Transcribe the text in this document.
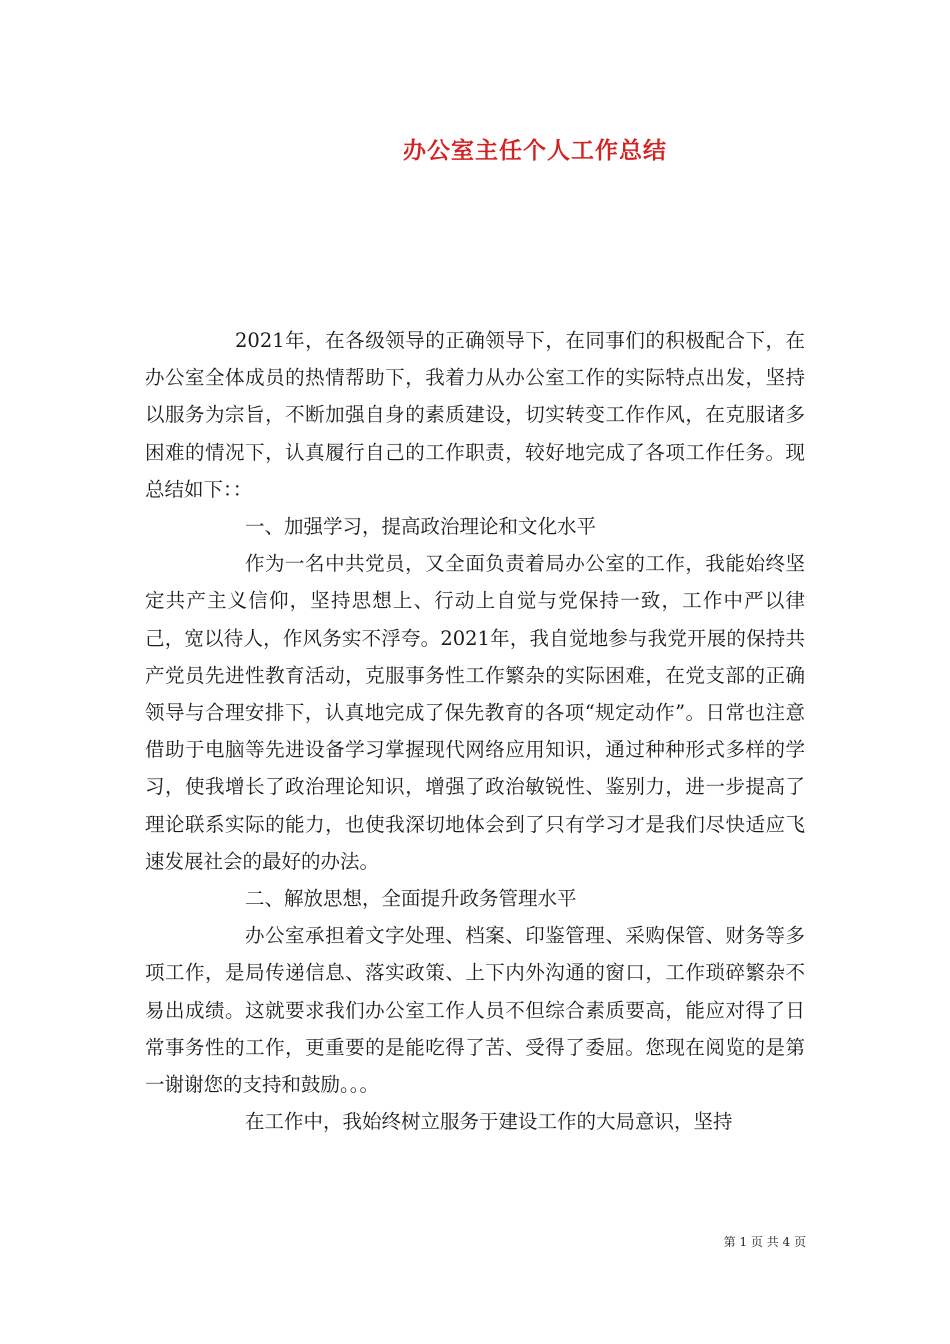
办公室主任个人工作总结

2021年，在各级领导的正确领导下，在同事们的积极配合下，在办公室全体成员的热情帮助下，我着力从办公室工作的实际特点出发，坚持以服务为宗旨，不断加强自身的素质建设，切实转变工作作风，在克服诸多困难的情况下，认真履行自己的工作职责，较好地完成了各项工作任务。现总结如下：：

一、加强学习，提高政治理论和文化水平

作为一名中共党员，又全面负责着局办公室的工作，我能始终坚定共产主义信仰，坚持思想上、行动上自觉与党保持一致，工作中严以律己，宽以待人，作风务实不浮夸。2021年，我自觉地参与我党开展的保持共产党员先进性教育活动，克服事务性工作繁杂的实际困难，在党支部的正确领导与合理安排下，认真地完成了保先教育的各项“规定动作”。日常也注意借助于电脑等先进设备学习掌握现代网络应用知识，通过种种形式多样的学习，使我增长了政治理论知识，增强了政治敏锐性、鉴别力，进一步提高了理论联系实际的能力，也使我深切地体会到了只有学习才是我们尽快适应飞速发展社会的最好的办法。

二、解放思想，全面提升政务管理水平

办公室承担着文字处理、档案、印鉴管理、采购保管、财务等多项工作，是局传递信息、落实政策、上下内外沟通的窗口，工作琐碎繁杂不易出成绩。这就要求我们办公室工作人员不但综合素质要高，能应对得了日常事务性的工作，更重要的是能吃得了苦、受得了委屈。您现在阅览的是第一谢谢您的支持和鼓励。。。

在工作中，我始终树立服务于建设工作的大局意识，坚持

第 1 页 共 4 页
